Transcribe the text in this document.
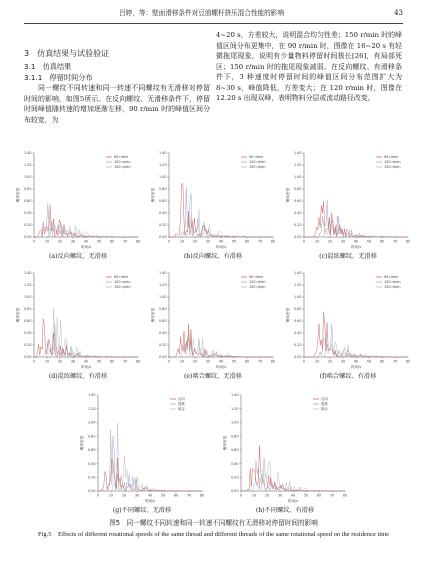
吕婷，等：壁面滑移条件对豆油螺杆挤压混合性能的影响	43
3　仿真结果与试验验证
3.1　仿真结果
3.1.1　停留时间分布
同一螺纹不同转速和同一转速不同螺纹有无滑移对停留时间的影响，如图5所示。在反向螺纹、无滑移条件下，停留时间峰值随转速的增加逐渐左移，90 r/min 时的峰值区间分布较宽，为
4~20 s，方差较大，说明混合均匀性差；150 r/min 时的峰值区间分布更集中，在 90 r/min 时，图像在 16~20 s 有轻微拖尾现象，说明有少量物料停留时间极长[26]，有局部死区；150 r/min 时的拖尾现象减弱。在反向螺纹、有滑移条件下，3 种速度时停留时间的峰值区间分布范围扩大为 8~30 s，峰值降低，方差变大；在 120 r/min 时，图像在 12.20 s 出现双峰，表明物料分层或流动路径改变。
0.00
0.20
0.40
0.60
0.80
1.00
1.20
1.40
0	10	20	30	40	50	60	70	80
时间/s
概率密度
90 r/min
120 r/min
150 r/min
(a)反向螺纹、无滑移
0.00
0.20
0.40
0.60
0.80
1.00
1.20
1.40
0	10	20	30	40	50	60	70	80
时间/s
概率密度
90 r/min
120 r/min
150 r/min
(b)反向螺纹、有滑移
0.00
0.20
0.40
0.60
0.80
1.00
1.20
1.40
0	10	20	30	40	50	60	70	80
时间/s
概率密度
90 r/min
120 r/min
150 r/min
(c)混练螺纹、无滑移
0.00
0.20
0.40
0.60
0.80
1.00
1.20
1.40
0	10	20	30	40	50	60	70	80
时间/s
概率密度
90 r/min
120 r/min
150 r/min
(d)混练螺纹、有滑移
0.00
0.20
0.40
0.60
0.80
1.00
1.20
1.40
0	10	20	30	40	50	60	70	80
时间/s
概率密度
90 r/min
120 r/min
150 r/min
(e)啮合螺纹、无滑移
0.00
0.20
0.40
0.60
0.80
1.00
1.20
1.40
0	10	20	30	40	50	60	70	80
时间/s
概率密度
90 r/min
120 r/min
150 r/min
(f)啮合螺纹、有滑移
0.00
0.20
0.40
0.60
0.80
1.00
1.20
1.40
0	10	20	30	40	50	60	70	80
时间/s
概率密度
反向
混炼
啮合
(g)不同螺纹、无滑移
0.00
0.20
0.40
0.60
0.80
1.00
1.20
1.40
0	10	20	30	40	50	60	70	80
时间/s
概率密度
反向
混炼
啮合
(h)不同螺纹、有滑移
图5　同一螺纹不同转速和同一转速不同螺纹有无滑移对停留时间的影响
Fig.5　Effects of different rotational speeds of the same thread and different threads of the same rotational speed on the residence time
